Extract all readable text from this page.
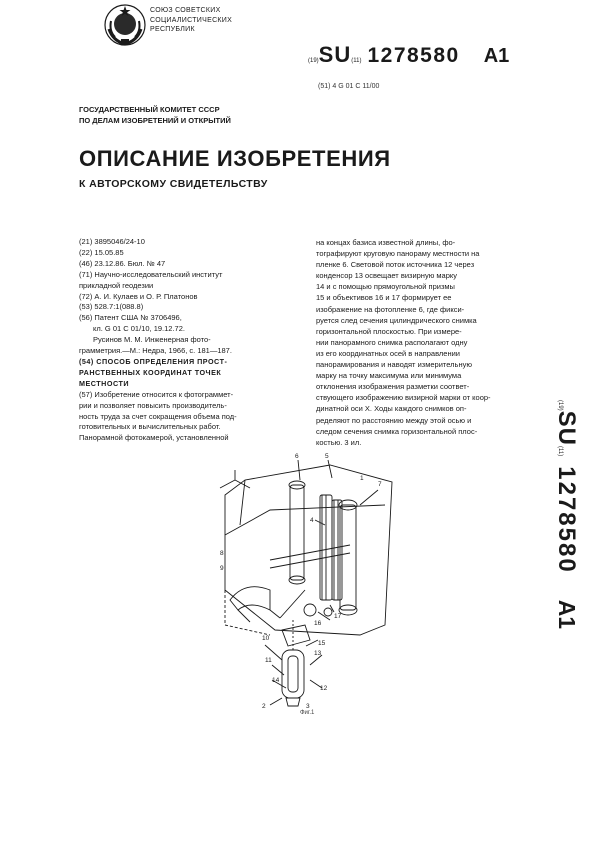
СОЮЗ СОВЕТСКИХ
СОЦИАЛИСТИЧЕСКИХ
РЕСПУБЛИК
(19)SU(11) 1278580 A1
(51) 4 G 01 C 11/00
ГОСУДАРСТВЕННЫЙ КОМИТЕТ СССР
ПО ДЕЛАМ ИЗОБРЕТЕНИЙ И ОТКРЫТИЙ
ОПИСАНИЕ ИЗОБРЕТЕНИЯ
К АВТОРСКОМУ СВИДЕТЕЛЬСТВУ
(21) 3895046/24-10
(22) 15.05.85
(46) 23.12.86. Бюл. № 47
(71) Научно-исследовательский институт
прикладной геодезии
(72) А. И. Кулаев и О. Р. Платонов
(53) 528.7:1(088.8)
(56) Патент США № 3706496,
кл. G 01 C 01/10, 19.12.72.
Русинов М. М. Инженерная фото-
грамметрия.—М.: Недра, 1966, с. 181—187.
(54) СПОСОБ ОПРЕДЕЛЕНИЯ ПРОСТ-
РАНСТВЕННЫХ КООРДИНАТ ТОЧЕК
МЕСТНОСТИ
(57) Изобретение относится к фотограммет-
рии и позволяет повысить производитель-
ность труда за счет сокращения объема под-
готовительных и вычислительных работ.
Панорамной фотокамерой, установленной
на концах базиса известной длины, фо-
тографируют круговую панораму местности на
пленке 6. Световой поток источника 12 через
конденсор 13 освещает визирную марку
14 и с помощью прямоугольной призмы
15 и объективов 16 и 17 формирует ее
изображение на фотопленке 6, где фикси-
руется след сечения цилиндрического снимка
горизонтальной плоскостью. При измере-
нии панорамного снимка располагают одну
из его координатных осей в направлении
панорамирования и наводят измерительную
марку на точку максимума или минимума
отклонения изображения разметки соответ-
ствующего изображению визирной марки от коор-
динатной оси X. Ходы каждого снимков оп-
ределяют по расстоянию между этой осью и
следом сечения снимка горизонтальной плос-
костью. 3 ил.
(19)SU(11)1278580A1
6	5
4
7
8
9
10
11
12
13
14
15
16
17
2	3
1
Фиг.1
